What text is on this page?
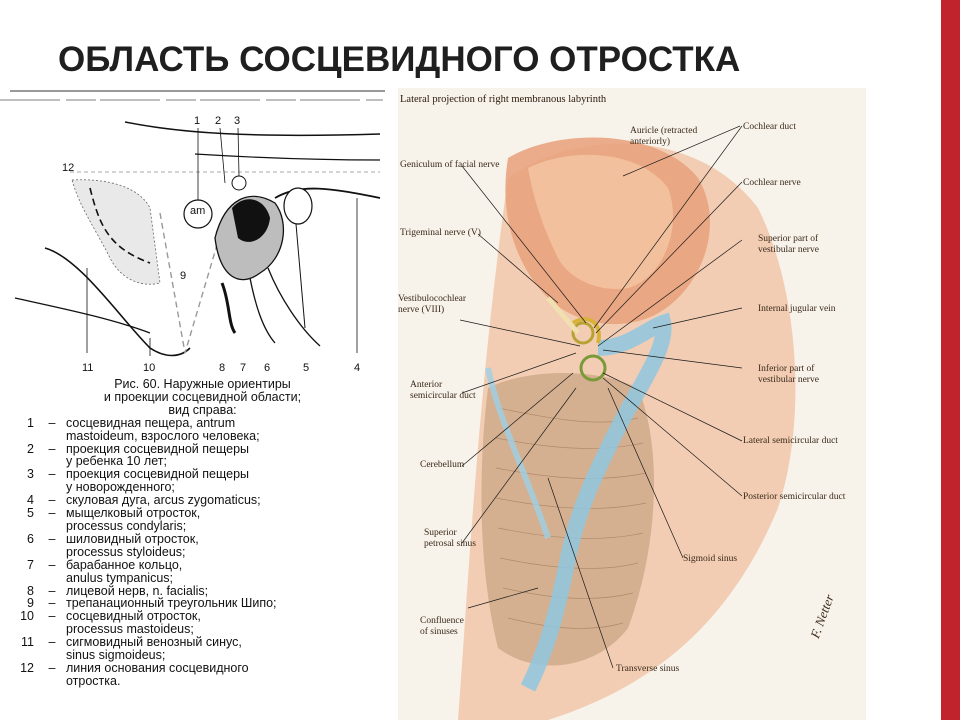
ОБЛАСТЬ СОСЦЕВИДНОГО ОТРОСТКА
1 2 3
12
am
9
11	10	8 7 6	5	4
Рис. 60. Наружные ориентиры
и проекции сосцевидной области;
вид справа:
1	– сосцевидная пещера, antrum
mastoideum, взрослого человека;
2	– проекция сосцевидной пещеры
у ребенка 10 лет;
3	– проекция сосцевидной пещеры
у новорожденного;
4	– скуловая дуга, arcus zygomaticus;
5	– мыщелковый отросток,
processus condylaris;
6	– шиловидный отросток,
processus styloideus;
7	– барабанное кольцо,
anulus tympanicus;
8	– лицевой нерв, n. facialis;
9	– трепанационный треугольник Шипо;
10	– сосцевидный отросток,
processus mastoideus;
11	– сигмовидный венозный синус,
sinus sigmoideus;
12	– линия основания сосцевидного
отростка.
Lateral projection of right membranous labyrinth
Geniculum of facial nerve
Trigeminal nerve (V)
Vestibulocochlear
nerve (VIII)
Anterior
semicircular duct
Cerebellum
Superior
petrosal sinus
Confluence
of sinuses
Auricle (retracted
anteriorly)
Cochlear duct
Cochlear nerve
Superior part of
vestibular nerve
Internal jugular vein
Inferior part of
vestibular nerve
Lateral semicircular duct
Posterior semicircular duct
Sigmoid sinus
Transverse sinus
F. Netter
